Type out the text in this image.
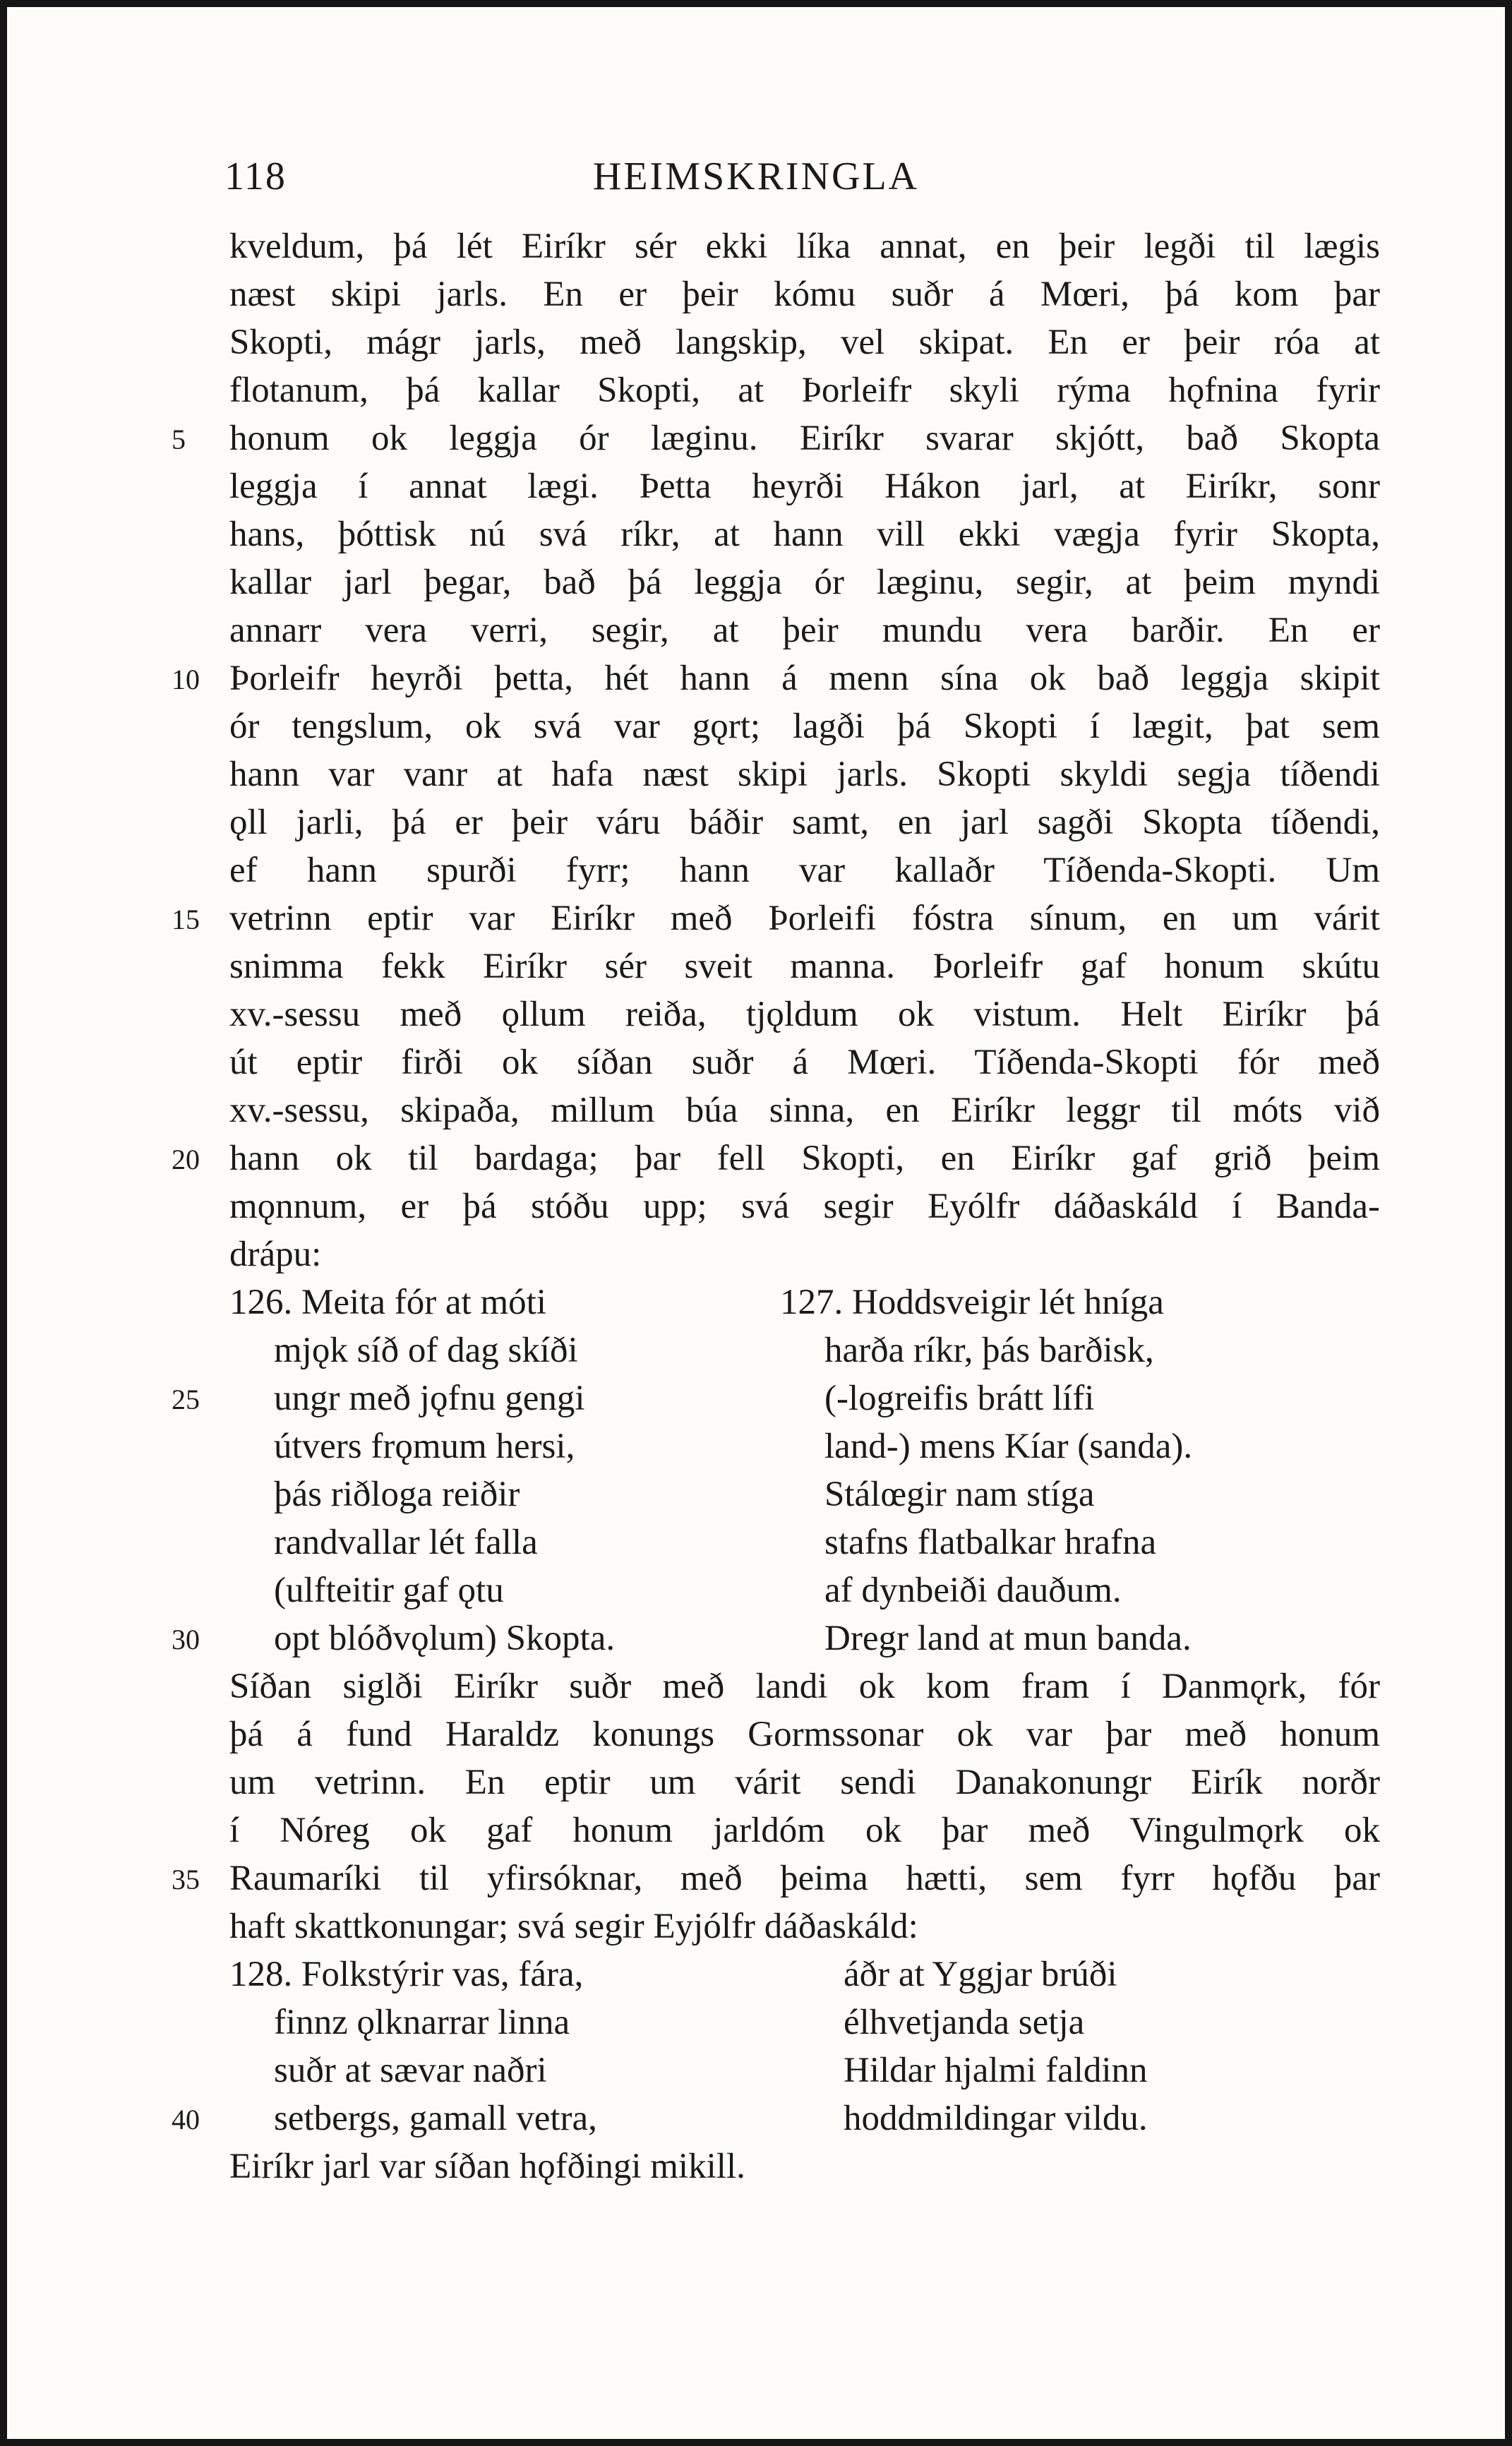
118	HEIMSKRINGLA
kveldum, þá lét Eiríkr sér ekki líka annat, en þeir legði til lægis
næst skipi jarls. En er þeir kómu suðr á Mœri, þá kom þar
Skopti, mágr jarls, með langskip, vel skipat. En er þeir róa at
flotanum, þá kallar Skopti, at Þorleifr skyli rýma hǫfnina fyrir
honum ok leggja ór læginu. Eiríkr svarar skjótt, bað Skopta
leggja í annat lægi. Þetta heyrði Hákon jarl, at Eiríkr, sonr
hans, þóttisk nú svá ríkr, at hann vill ekki vægja fyrir Skopta,
kallar jarl þegar, bað þá leggja ór læginu, segir, at þeim myndi
annarr vera verri, segir, at þeir mundu vera barðir. En er
Þorleifr heyrði þetta, hét hann á menn sína ok bað leggja skipit
ór tengslum, ok svá var gǫrt; lagði þá Skopti í lægit, þat sem
hann var vanr at hafa næst skipi jarls. Skopti skyldi segja tíðendi
ǫll jarli, þá er þeir váru báðir samt, en jarl sagði Skopta tíðendi,
ef hann spurði fyrr; hann var kallaðr Tíðenda-Skopti. Um
vetrinn eptir var Eiríkr með Þorleifi fóstra sínum, en um várit
snimma fekk Eiríkr sér sveit manna. Þorleifr gaf honum skútu
xv.-sessu með ǫllum reiða, tjǫldum ok vistum. Helt Eiríkr þá
út eptir firði ok síðan suðr á Mœri. Tíðenda-Skopti fór með
xv.-sessu, skipaða, millum búa sinna, en Eiríkr leggr til móts við
hann ok til bardaga; þar fell Skopti, en Eiríkr gaf grið þeim
mǫnnum, er þá stóðu upp; svá segir Eyólfr dáðaskáld í Banda-
drápu:
126. Meita fór at móti
mjǫk síð of dag skíði
ungr með jǫfnu gengi
útvers frǫmum hersi,
þás riðloga reiðir
randvallar lét falla
(ulfteitir gaf ǫtu
opt blóðvǫlum) Skopta.
127. Hoddsveigir lét hníga
harða ríkr, þás barðisk,
(-logreifis brátt lífi
land-) mens Kíar (sanda).
Stálœgir nam stíga
stafns flatbalkar hrafna
af dynbeiði dauðum.
Dregr land at mun banda.
Síðan siglði Eiríkr suðr með landi ok kom fram í Danmǫrk, fór
þá á fund Haraldz konungs Gormssonar ok var þar með honum
um vetrinn. En eptir um várit sendi Danakonungr Eirík norðr
í Nóreg ok gaf honum jarldóm ok þar með Vingulmǫrk ok
Raumaríki til yfirsóknar, með þeima hætti, sem fyrr hǫfðu þar
haft skattkonungar; svá segir Eyjólfr dáðaskáld:
128. Folkstýrir vas, fára,
finnz ǫlknarrar linna
suðr at sævar naðri
setbergs, gamall vetra,
áðr at Yggjar brúði
élhvetjanda setja
Hildar hjalmi faldinn
hoddmildingar vildu.
Eiríkr jarl var síðan hǫfðingi mikill.
5
10
15
20
25
30
35
40
